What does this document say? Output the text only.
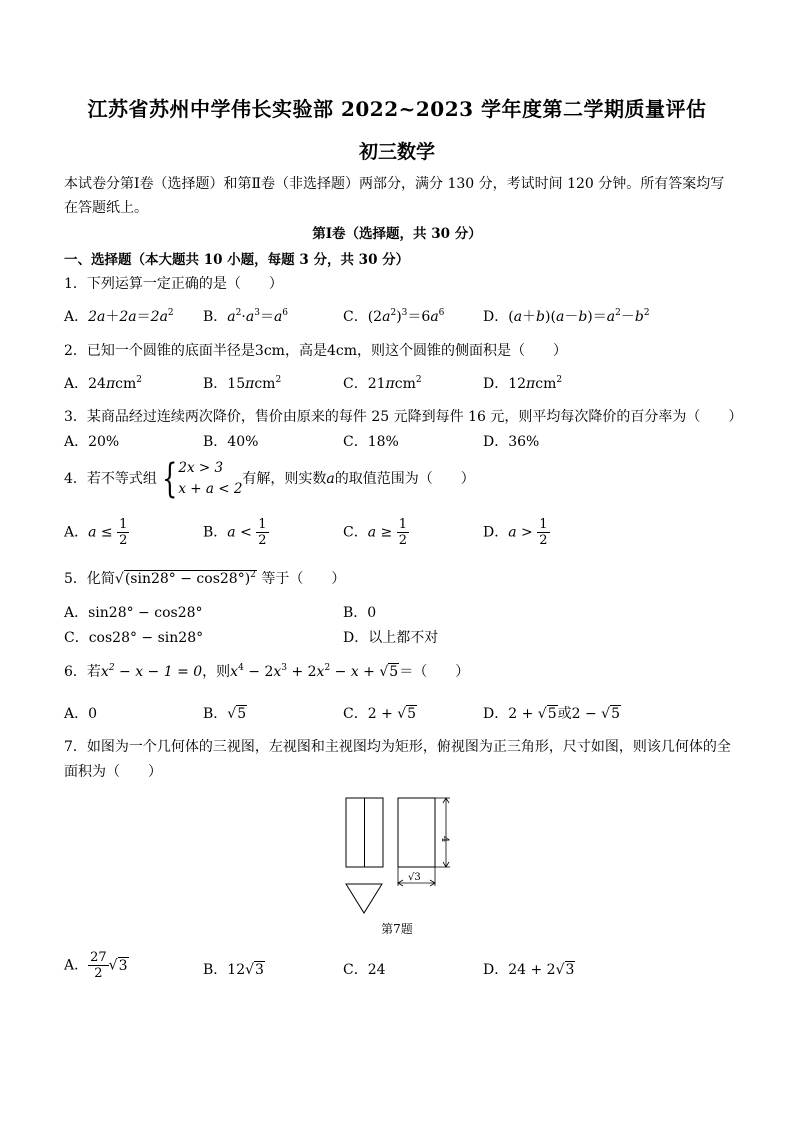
江苏省苏州中学伟长实验部 2022~2023 学年度第二学期质量评估
初三数学
本试卷分第Ⅰ卷（选择题）和第Ⅱ卷（非选择题）两部分，满分 130 分，考试时间 120 分钟。所有答案均写在答题纸上。
第Ⅰ卷（选择题，共 30 分）
一、选择题（本大题共 10 小题，每题 3 分，共 30 分）
1．下列运算一定正确的是（　　）
A．$2a+2a=2a^2$ B．$a^2\cdot a^3=a^6$	C．$(2a^2)^3=6a^6$	D．$(a+b)(a-b)=a^2-b^2$
2．已知一个圆锥的底面半径是3cm，高是4cm，则这个圆锥的侧面积是（　　）
A．24πcm$^2$	B．15πcm$^2$	C．21πcm$^2$	D．12πcm$^2$
3．某商品经过连续两次降价，售价由原来的每件 25 元降到每件 16 元，则平均每次降价的百分率为（　　）
A．20%	B．40%	C．18%	D．36%
4．若不等式组 { 2x > 3
x + a < 2
有解，则实数a的取值范围为（　　）
A．$a \le \frac{1}{2}$	B．$a < \frac{1}{2}$	C．$a \ge \frac{1}{2}$	D．$a > \frac{1}{2}$
5．化简$√(\sin 28^\circ - \cos 28^\circ)^2$ 等于（　　）
A．sin28° − cos28°	B．0
C．cos28° − sin28°	D．以上都不对
6．若$x^2 - x - 1 = 0$，则$x^4 - 2x^3 + 2x^2 - x + √5=$（　　）
A．0	B．√5	C．2 + √5	D．2 + √5或2 − √5
7．如图为一个几何体的三视图，左视图和主视图均为矩形，俯视图为正三角形，尺寸如图，则该几何体的全
面积为（　　）
4
√3
第7题
A． $\frac{27}{2} √3$	B．12√3	C．24	D．24 + 2√3
